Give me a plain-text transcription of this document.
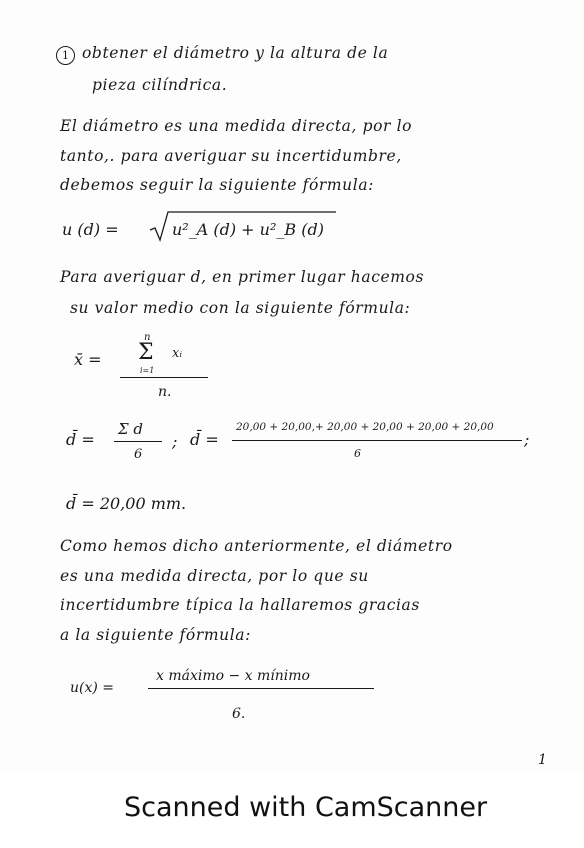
1 obtener el diámetro y la altura de la
pieza cilíndrica.
El diámetro es una medida directa, por lo
tanto,. para averiguar su incertidumbre,
debemos seguir la siguiente fórmula:
u (d) =	u²_A (d) + u²_B (d)
Para averiguar d, en primer lugar hacemos
su valor medio con la siguiente fórmula:
x̄ =
n
Σ
i=1
xᵢ
n.
d̄ =
Σ d
6
; d̄ =
20,00 + 20,00,+ 20,00 + 20,00 + 20,00 + 20,00
6
;
d̄ = 20,00 mm.
Como hemos dicho anteriormente, el diámetro
es una medida directa, por lo que su
incertidumbre típica la hallaremos gracias
a la siguiente fórmula:
u(x) =
x máximo − x mínimo
6.
1
Scanned with CamScanner
